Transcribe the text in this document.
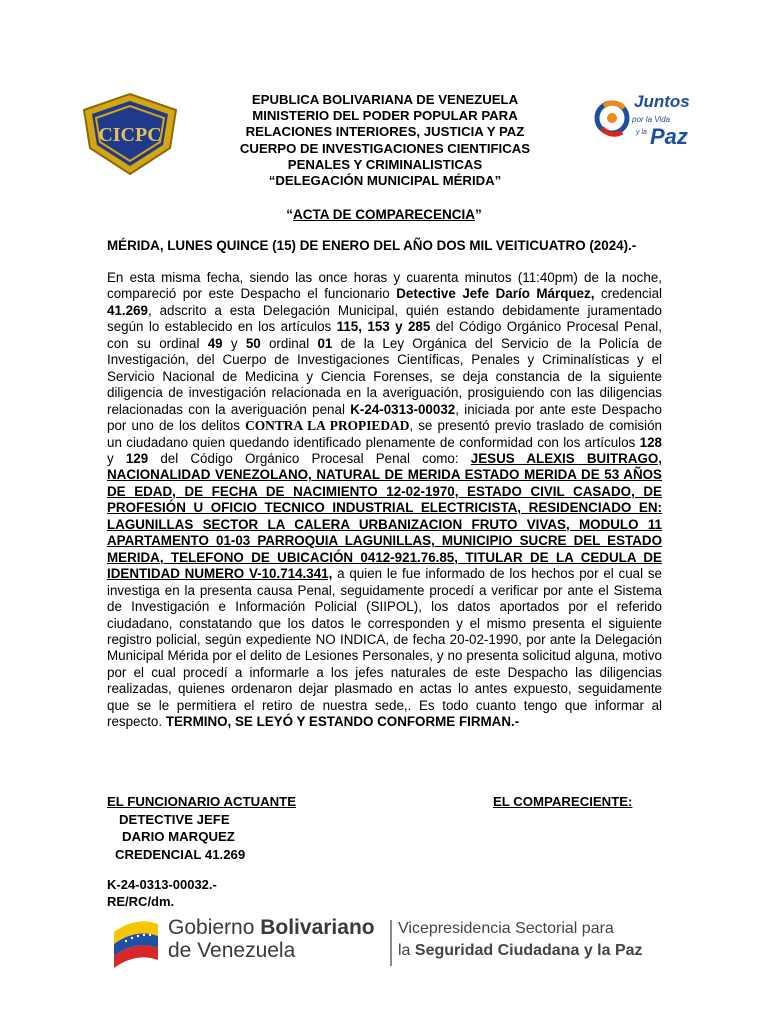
CICPC
EPUBLICA BOLIVARIANA DE VENEZUELA
MINISTERIO DEL PODER POPULAR PARA
RELACIONES INTERIORES, JUSTICIA Y PAZ
CUERPO DE INVESTIGACIONES CIENTIFICAS
PENALES Y CRIMINALISTICAS
“DELEGACIÓN MUNICIPAL MÉRIDA”
Juntos
por la Vida
y la Paz
“ACTA DE COMPARECENCIA”
MÉRIDA, LUNES QUINCE (15) DE ENERO DEL AÑO DOS MIL VEITICUATRO (2024).-
En esta misma fecha, siendo las once horas y cuarenta minutos (11:40pm) de la noche, compareció por este Despacho el funcionario Detective Jefe Darío Márquez, credencial 41.269, adscrito a esta Delegación Municipal, quién estando debidamente juramentado según lo establecido en los artículos 115, 153 y 285 del Código Orgánico Procesal Penal, con su ordinal 49 y 50 ordinal 01 de la Ley Orgánica del Servicio de la Policía de Investigación, del Cuerpo de Investigaciones Científicas, Penales y Criminalísticas y el Servicio Nacional de Medicina y Ciencia Forenses, se deja constancia de la siguiente diligencia de investigación relacionada en la averiguación, prosiguiendo con las diligencias relacionadas con la averiguación penal K-24-0313-00032, iniciada por ante este Despacho por uno de los delitos CONTRA LA PROPIEDAD, se presentó previo traslado de comisión un ciudadano quien quedando identificado plenamente de conformidad con los artículos 128 y 129 del Código Orgánico Procesal Penal como: JESUS ALEXIS BUITRAGO, NACIONALIDAD VENEZOLANO, NATURAL DE MERIDA ESTADO MERIDA DE 53 AÑOS DE EDAD, DE FECHA DE NACIMIENTO 12-02-1970, ESTADO CIVIL CASADO, DE PROFESIÓN U OFICIO TECNICO INDUSTRIAL ELECTRICISTA, RESIDENCIADO EN: LAGUNILLAS SECTOR LA CALERA URBANIZACION FRUTO VIVAS, MODULO 11 APARTAMENTO 01-03 PARROQUIA LAGUNILLAS, MUNICIPIO SUCRE DEL ESTADO MERIDA, TELEFONO DE UBICACIÓN 0412-921.76.85, TITULAR DE LA CEDULA DE IDENTIDAD NUMERO V-10.714.341, a quien le fue informado de los hechos por el cual se investiga en la presenta causa Penal, seguidamente procedí a verificar por ante el Sistema de Investigación e Información Policial (SIIPOL), los datos aportados por el referido ciudadano, constatando que los datos le corresponden y el mismo presenta el siguiente registro policial, según expediente NO INDICA, de fecha 20-02-1990, por ante la Delegación Municipal Mérida por el delito de Lesiones Personales, y no presenta solicitud alguna, motivo por el cual procedí a informarle a los jefes naturales de este Despacho las diligencias realizadas, quienes ordenaron dejar plasmado en actas lo antes expuesto, seguidamente que se le permitiera el retiro de nuestra sede,. Es todo cuanto tengo que informar al respecto. TERMINO, SE LEYÓ Y ESTANDO CONFORME FIRMAN.-
EL FUNCIONARIO ACTUANTE
DETECTIVE JEFE
DARIO MARQUEZ
CREDENCIAL 41.269
EL COMPARECIENTE:
K-24-0313-00032.-
RE/RC/dm.
Gobierno Bolivariano
de Venezuela
Vicepresidencia Sectorial para
la Seguridad Ciudadana y la Paz
